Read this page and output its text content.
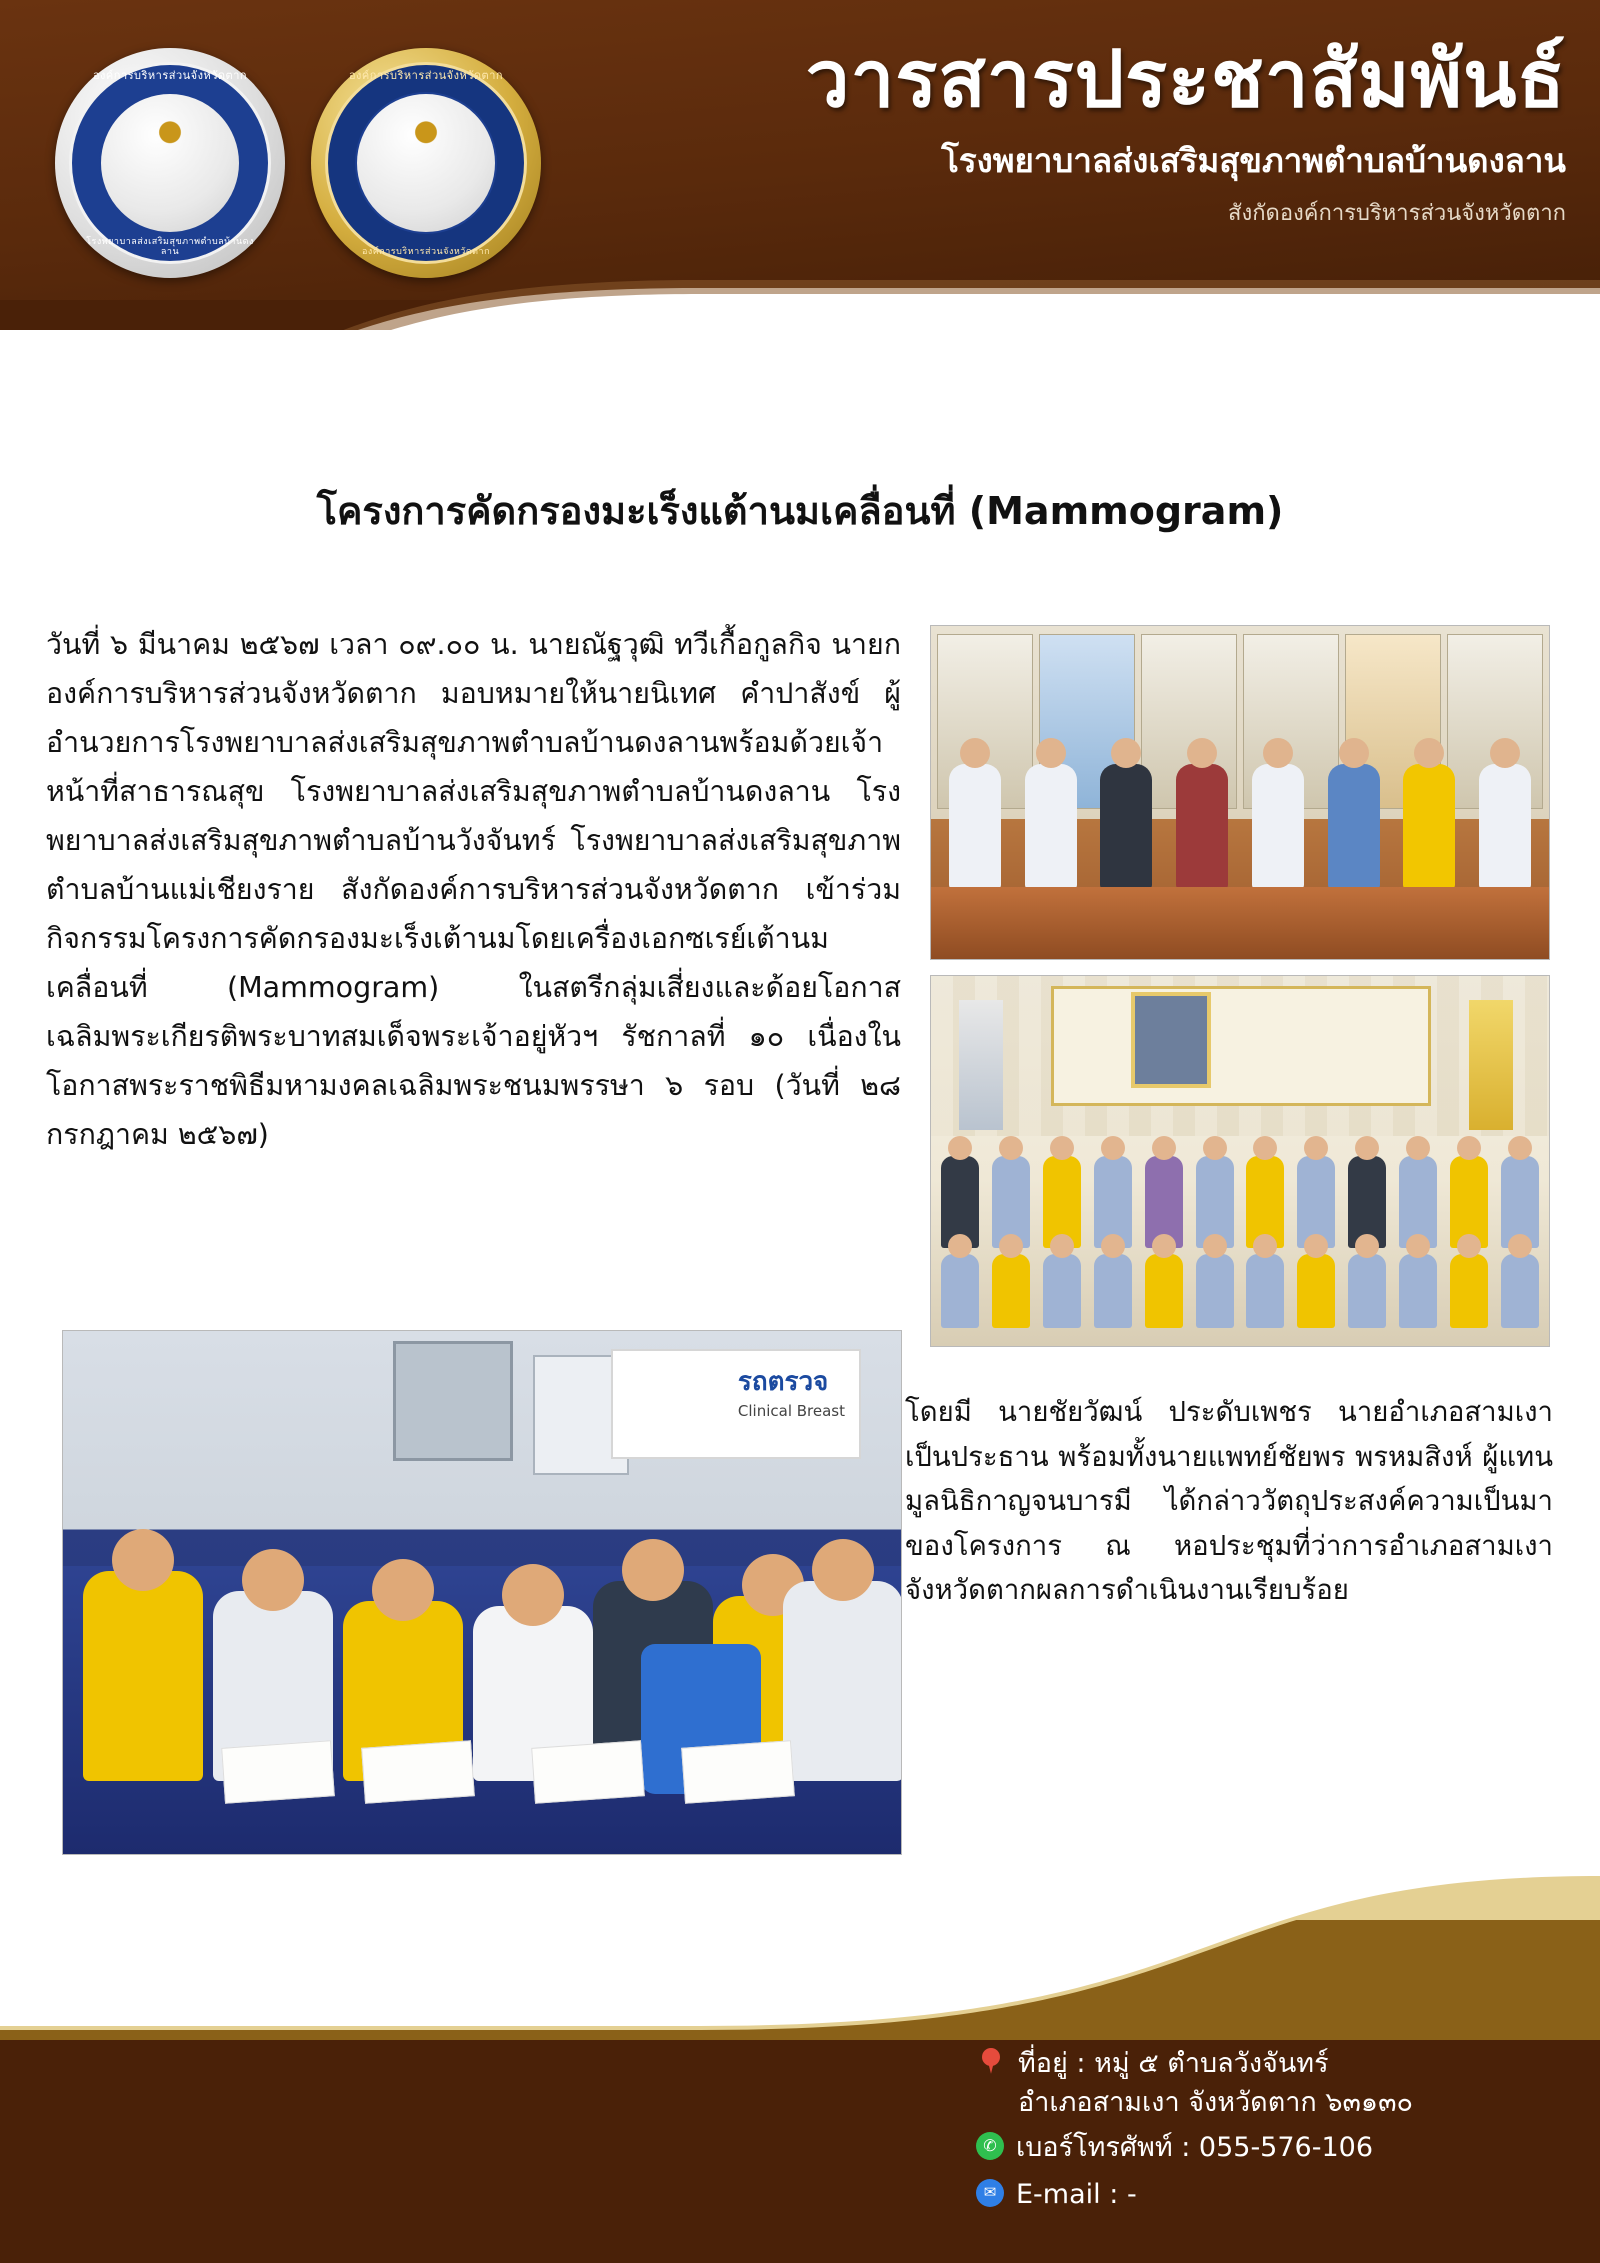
องค์การบริหารส่วนจังหวัดตาก
โรงพยาบาลส่งเสริมสุขภาพตำบลบ้านดงลาน
องค์การบริหารส่วนจังหวัดตาก
องค์การบริหารส่วนจังหวัดตาก
วารสารประชาสัมพันธ์
โรงพยาบาลส่งเสริมสุขภาพตำบลบ้านดงลาน
สังกัดองค์การบริหารส่วนจังหวัดตาก
โครงการคัดกรองมะเร็งแต้านมเคลื่อนที่ (Mammogram)
วันที่ ๖ มีนาคม ๒๕๖๗ เวลา ๐๙.๐๐ น. นายณัฐวุฒิ ทวีเกื้อกูลกิจ นายกองค์การบริหารส่วนจังหวัดตาก มอบหมายให้นายนิเทศ คำปาสังข์ ผู้อำนวยการโรงพยาบาลส่งเสริมสุขภาพตำบลบ้านดงลานพร้อมด้วยเจ้าหน้าที่สาธารณสุข โรงพยาบาลส่งเสริมสุขภาพตำบลบ้านดงลาน โรงพยาบาลส่งเสริมสุขภาพตำบลบ้านวังจันทร์ โรงพยาบาลส่งเสริมสุขภาพตำบลบ้านแม่เชียงราย สังกัดองค์การบริหารส่วนจังหวัดตาก เข้าร่วมกิจกรรมโครงการคัดกรองมะเร็งเต้านมโดยเครื่องเอกซเรย์เต้านมเคลื่อนที่ (Mammogram) ในสตรีกลุ่มเสี่ยงและด้อยโอกาสเฉลิมพระเกียรติพระบาทสมเด็จพระเจ้าอยู่หัวฯ รัชกาลที่ ๑๐ เนื่องในโอกาสพระราชพิธีมหามงคลเฉลิมพระชนมพรรษา ๖ รอบ (วันที่ ๒๘ กรกฎาคม ๒๕๖๗)
โดยมี นายชัยวัฒน์ ประดับเพชร นายอำเภอสามเงา เป็นประธาน พร้อมทั้งนายแพทย์ชัยพร พรหมสิงห์ ผู้แทนมูลนิธิกาญจนบารมี ได้กล่าววัตถุประสงค์ความเป็นมาของโครงการ ณ หอประชุมที่ว่าการอำเภอสามเงา จังหวัดตากผลการดำเนินงานเรียบร้อย
รถตรวจ
Clinical Breast
ที่อยู่ : หมู่ ๕ ตำบลวังจันทร์
อำเภอสามเงา จังหวัดตาก ๖๓๑๓๐
✆ เบอร์โทรศัพท์ : 055-576-106
✉ E-mail : -
